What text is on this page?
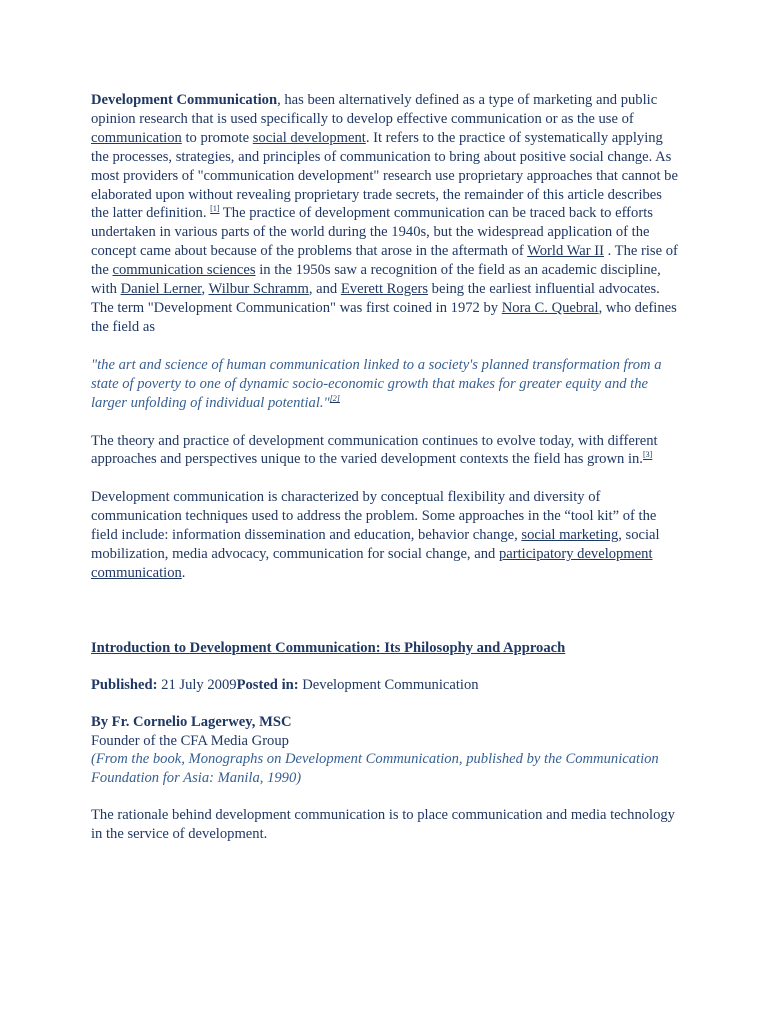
Development Communication, has been alternatively defined as a type of marketing and public opinion research that is used specifically to develop effective communication or as the use of communication to promote social development. It refers to the practice of systematically applying the processes, strategies, and principles of communication to bring about positive social change. As most providers of "communication development" research use proprietary approaches that cannot be elaborated upon without revealing proprietary trade secrets, the remainder of this article describes the latter definition. [1] The practice of development communication can be traced back to efforts undertaken in various parts of the world during the 1940s, but the widespread application of the concept came about because of the problems that arose in the aftermath of World War II . The rise of the communication sciences in the 1950s saw a recognition of the field as an academic discipline, with Daniel Lerner, Wilbur Schramm, and Everett Rogers being the earliest influential advocates. The term "Development Communication" was first coined in 1972 by Nora C. Quebral, who defines the field as

"the art and science of human communication linked to a society's planned transformation from a state of poverty to one of dynamic socio-economic growth that makes for greater equity and the larger unfolding of individual potential."[2]

The theory and practice of development communication continues to evolve today, with different approaches and perspectives unique to the varied development contexts the field has grown in.[3]

Development communication is characterized by conceptual flexibility and diversity of communication techniques used to address the problem. Some approaches in the “tool kit” of the field include: information dissemination and education, behavior change, social marketing, social mobilization, media advocacy, communication for social change, and participatory development communication.

Introduction to Development Communication: Its Philosophy and Approach

Published: 21 July 2009Posted in: Development Communication

By Fr. Cornelio Lagerwey, MSC

Founder of the CFA Media Group

(From the book, Monographs on Development Communication, published by the Communication Foundation for Asia: Manila, 1990)

The rationale behind development communication is to place communication and media technology in the service of development.
